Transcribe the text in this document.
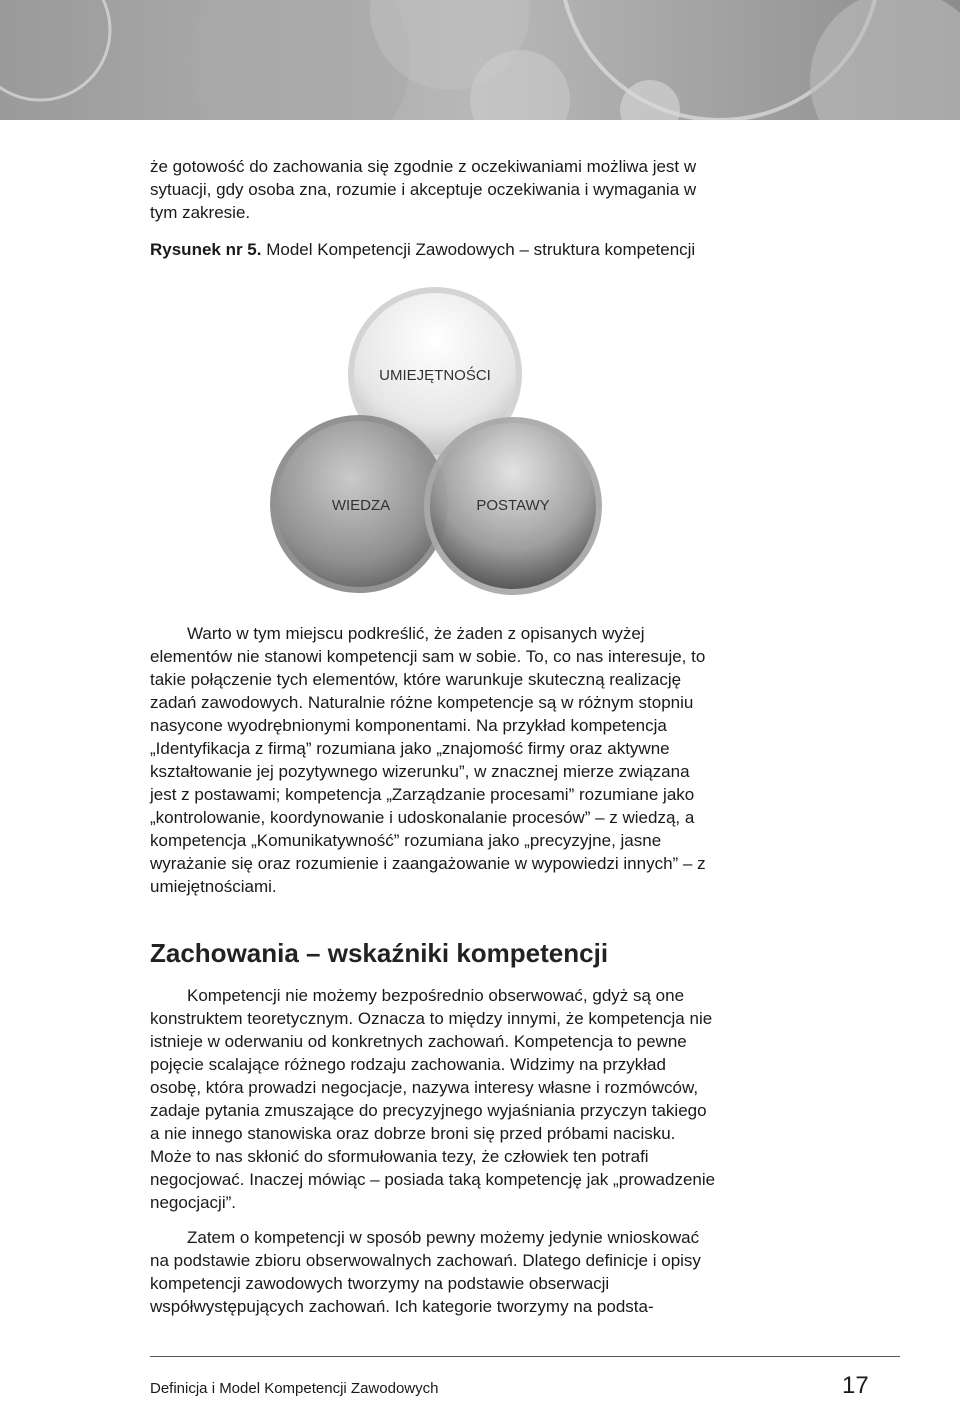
że gotowość do zachowania się zgodnie z oczekiwaniami możliwa jest w sytuacji, gdy osoba zna, rozumie i akceptuje oczekiwania i wymagania w tym zakresie.

Rysunek nr 5. Model Kompetencji Zawodowych – struktura kompetencji
UMIEJĘTNOŚCI
WIEDZA	POSTAWY

Warto w tym miejscu podkreślić, że żaden z opisanych wyżej elementów nie stanowi kompetencji sam w sobie. To, co nas interesuje, to takie połączenie tych elementów, które warunkuje skuteczną realizację zadań zawodowych. Naturalnie różne kompetencje są w różnym stopniu nasycone wyodrębnionymi komponentami. Na przykład kompetencja „Identyfikacja z firmą” rozumiana jako „znajomość firmy oraz aktywne kształtowanie jej pozytywnego wizerunku”, w znacznej mierze związana jest z postawami; kompetencja „Zarządzanie procesami” rozumiane jako „kontrolowanie, koordynowanie i udoskonalanie procesów” – z wiedzą, a kompetencja „Komunikatywność” rozumiana jako „precyzyjne, jasne wyrażanie się oraz rozumienie i zaangażowanie w wypowiedzi innych” – z umiejętnościami.

Zachowania – wskaźniki kompetencji

Kompetencji nie możemy bezpośrednio obserwować, gdyż są one konstruktem teoretycznym. Oznacza to między innymi, że kompetencja nie istnieje w oderwaniu od konkretnych zachowań. Kompetencja to pewne pojęcie scalające różnego rodzaju zachowania. Widzimy na przykład osobę, która prowadzi negocjacje, nazywa interesy własne i rozmówców, zadaje pytania zmuszające do precyzyjnego wyjaśniania przyczyn takiego a nie innego stanowiska oraz dobrze broni się przed próbami nacisku. Może to nas skłonić do sformułowania tezy, że człowiek ten potrafi negocjować. Inaczej mówiąc – posiada taką kompetencję jak „prowadzenie negocjacji”.

Zatem o kompetencji w sposób pewny możemy jedynie wnioskować na podstawie zbioru obserwowalnych zachowań. Dlatego definicje i opisy kompetencji zawodowych tworzymy na podstawie obserwacji współwystępujących zachowań. Ich kategorie tworzymy na podsta-

Definicja i Model Kompetencji Zawodowych	17
